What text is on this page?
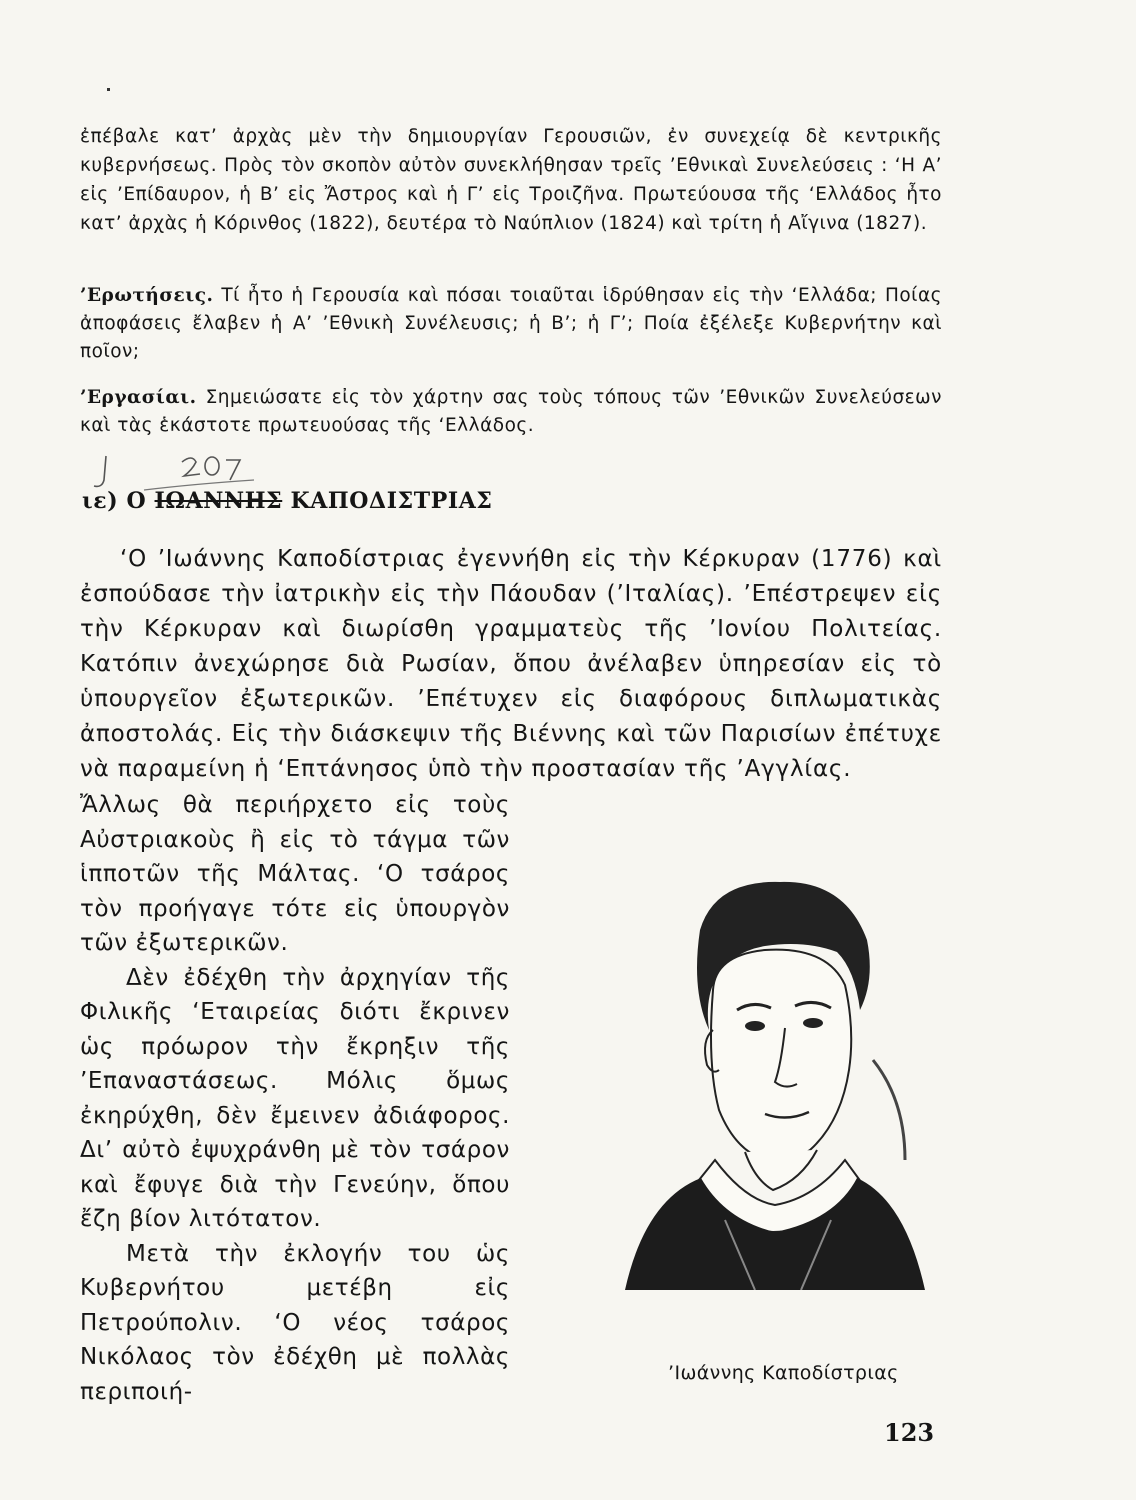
ἐπέβαλε κατ’ ἀρχὰς μὲν τὴν δημιουργίαν Γερουσιῶν, ἐν συνεχείᾳ δὲ κεντρικῆς κυβερνήσεως. Πρὸς τὸν σκοπὸν αὐτὸν συνεκλήθησαν τρεῖς ’Εθνικαὶ Συνελεύσεις : ‘Η Α’ εἰς ’Επίδαυρον, ἡ Β’ εἰς Ἄστρος καὶ ἡ Γ’ εἰς Τροιζῆνα. Πρωτεύουσα τῆς ‘Ελλάδος ἦτο κατ’ ἀρχὰς ἡ Κόρινθος (1822), δευτέρα τὸ Ναύπλιον (1824) καὶ τρίτη ἡ Αἴγινα (1827).
’Ερωτήσεις. Τί ἦτο ἡ Γερουσία καὶ πόσαι τοιαῦται ἱδρύθησαν εἰς τὴν ‘Ελλάδα; Ποίας ἀποφάσεις ἔλαβεν ἡ Α’ ’Εθνικὴ Συνέλευσις; ἡ Β’; ἡ Γ’; Ποία ἐξέλεξε Κυβερνήτην καὶ ποῖον;
’Εργασίαι. Σημειώσατε εἰς τὸν χάρτην σας τοὺς τόπους τῶν ’Εθνικῶν Συνελεύσεων καὶ τὰς ἑκάστοτε πρωτευούσας τῆς ‘Ελλάδος.
J 202
ιε) Ο ΙΩΑΝΝΗΣ ΚΑΠΟΔΙΣΤΡΙΑΣ

‘Ο ’Ιωάννης Καποδίστριας ἐγεννήθη εἰς τὴν Κέρκυραν (1776) καὶ ἐσπούδασε τὴν ἰατρικὴν εἰς τὴν Πάουδαν (’Ιταλίας). ’Επέστρεψεν εἰς τὴν Κέρκυραν καὶ διωρίσθη γραμματεὺς τῆς ’Ιονίου Πολιτείας. Κατόπιν ἀνεχώρησε διὰ Ρωσίαν, ὅπου ἀνέλαβεν ὑπηρεσίαν εἰς τὸ ὑπουργεῖον ἐξωτερικῶν. ’Επέτυχεν εἰς διαφόρους διπλωματικὰς ἀποστολάς. Εἰς τὴν διάσκεψιν τῆς Βιέννης καὶ τῶν Παρισίων ἐπέτυχε νὰ παραμείνη ἡ ‘Επτάνησος ὑπὸ τὴν προστασίαν τῆς ’Αγγλίας.

Ἄλλως θὰ περιήρχετο εἰς τοὺς Αὐστριακοὺς ἢ εἰς τὸ τάγμα τῶν ἱπποτῶν τῆς Μάλτας. ‘Ο τσάρος τὸν προήγαγε τότε εἰς ὑπουργὸν τῶν ἐξωτερικῶν.

Δὲν ἐδέχθη τὴν ἀρχηγίαν τῆς Φιλικῆς ‘Εταιρείας διότι ἔκρινεν ὡς πρόωρον τὴν ἔκρηξιν τῆς ’Επαναστάσεως. Μόλις ὅμως ἐκηρύχθη, δὲν ἔμεινεν ἀδιάφορος. Διʼ αὐτὸ ἐψυχράνθη μὲ τὸν τσάρον καὶ ἔφυγε διὰ τὴν Γενεύην, ὅπου ἔζη βίον λιτότατον.

Μετὰ τὴν ἐκλογήν του ὡς Κυβερνήτου μετέβη εἰς Πετρούπολιν. ‘Ο νέος τσάρος Νικόλαος τὸν ἐδέχθη μὲ πολλὰς περιποιή-

’Ιωάννης Καποδίστριας
123
